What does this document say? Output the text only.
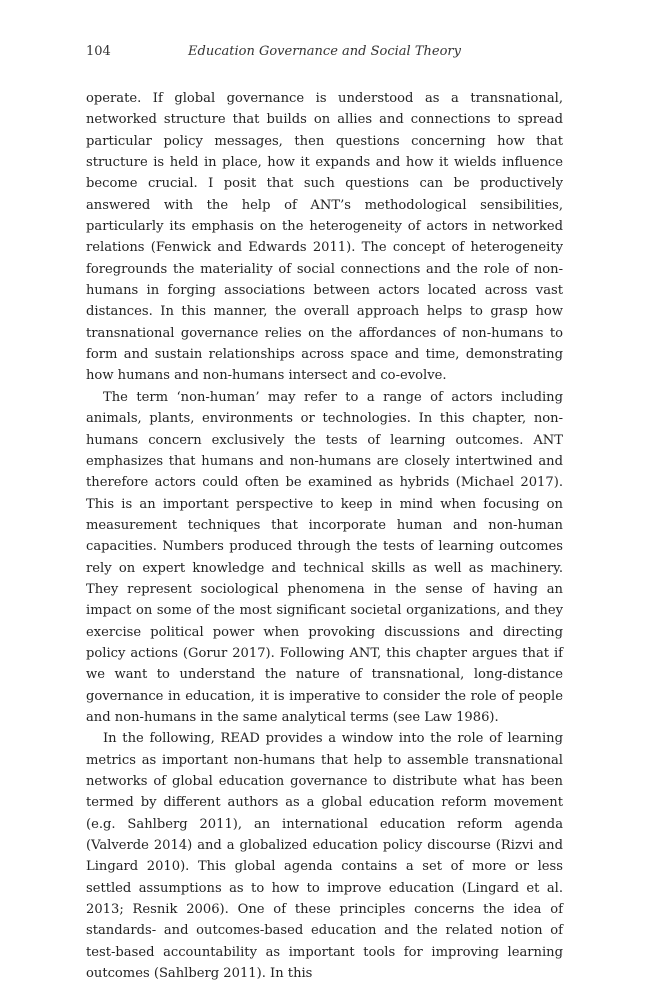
104	Education Governance and Social Theory

operate. If global governance is understood as a transnational, networked structure that builds on allies and connections to spread particular policy messages, then questions concerning how that structure is held in place, how it expands and how it wields influence become crucial. I posit that such questions can be productively answered with the help of ANT’s methodological sensibilities, particularly its emphasis on the heterogeneity of actors in networked relations (Fenwick and Edwards 2011). The concept of heterogeneity foregrounds the materiality of social connections and the role of non-humans in forging associations between actors located across vast distances. In this manner, the overall approach helps to grasp how transnational governance relies on the affordances of non-humans to form and sustain relationships across space and time, demonstrating how humans and non-humans intersect and co-evolve.

The term ‘non-human’ may refer to a range of actors including animals, plants, environments or technologies. In this chapter, non-humans concern exclusively the tests of learning outcomes. ANT emphasizes that humans and non-humans are closely intertwined and therefore actors could often be examined as hybrids (Michael 2017). This is an important perspective to keep in mind when focusing on measurement techniques that incorporate human and non-human capacities. Numbers produced through the tests of learning outcomes rely on expert knowledge and technical skills as well as machinery. They represent sociological phenomena in the sense of having an impact on some of the most significant societal organizations, and they exercise political power when provoking discussions and directing policy actions (Gorur 2017). Following ANT, this chapter argues that if we want to understand the nature of transnational, long-distance governance in education, it is imperative to consider the role of people and non-humans in the same analytical terms (see Law 1986).

In the following, READ provides a window into the role of learning metrics as important non-humans that help to assemble transnational networks of global education governance to distribute what has been termed by different authors as a global education reform movement (e.g. Sahlberg 2011), an international education reform agenda (Valverde 2014) and a globalized education policy discourse (Rizvi and Lingard 2010). This global agenda contains a set of more or less settled assumptions as to how to improve education (Lingard et al. 2013; Resnik 2006). One of these principles concerns the idea of standards- and outcomes-based education and the related notion of test-based accountability as important tools for improving learning outcomes (Sahlberg 2011). In this
